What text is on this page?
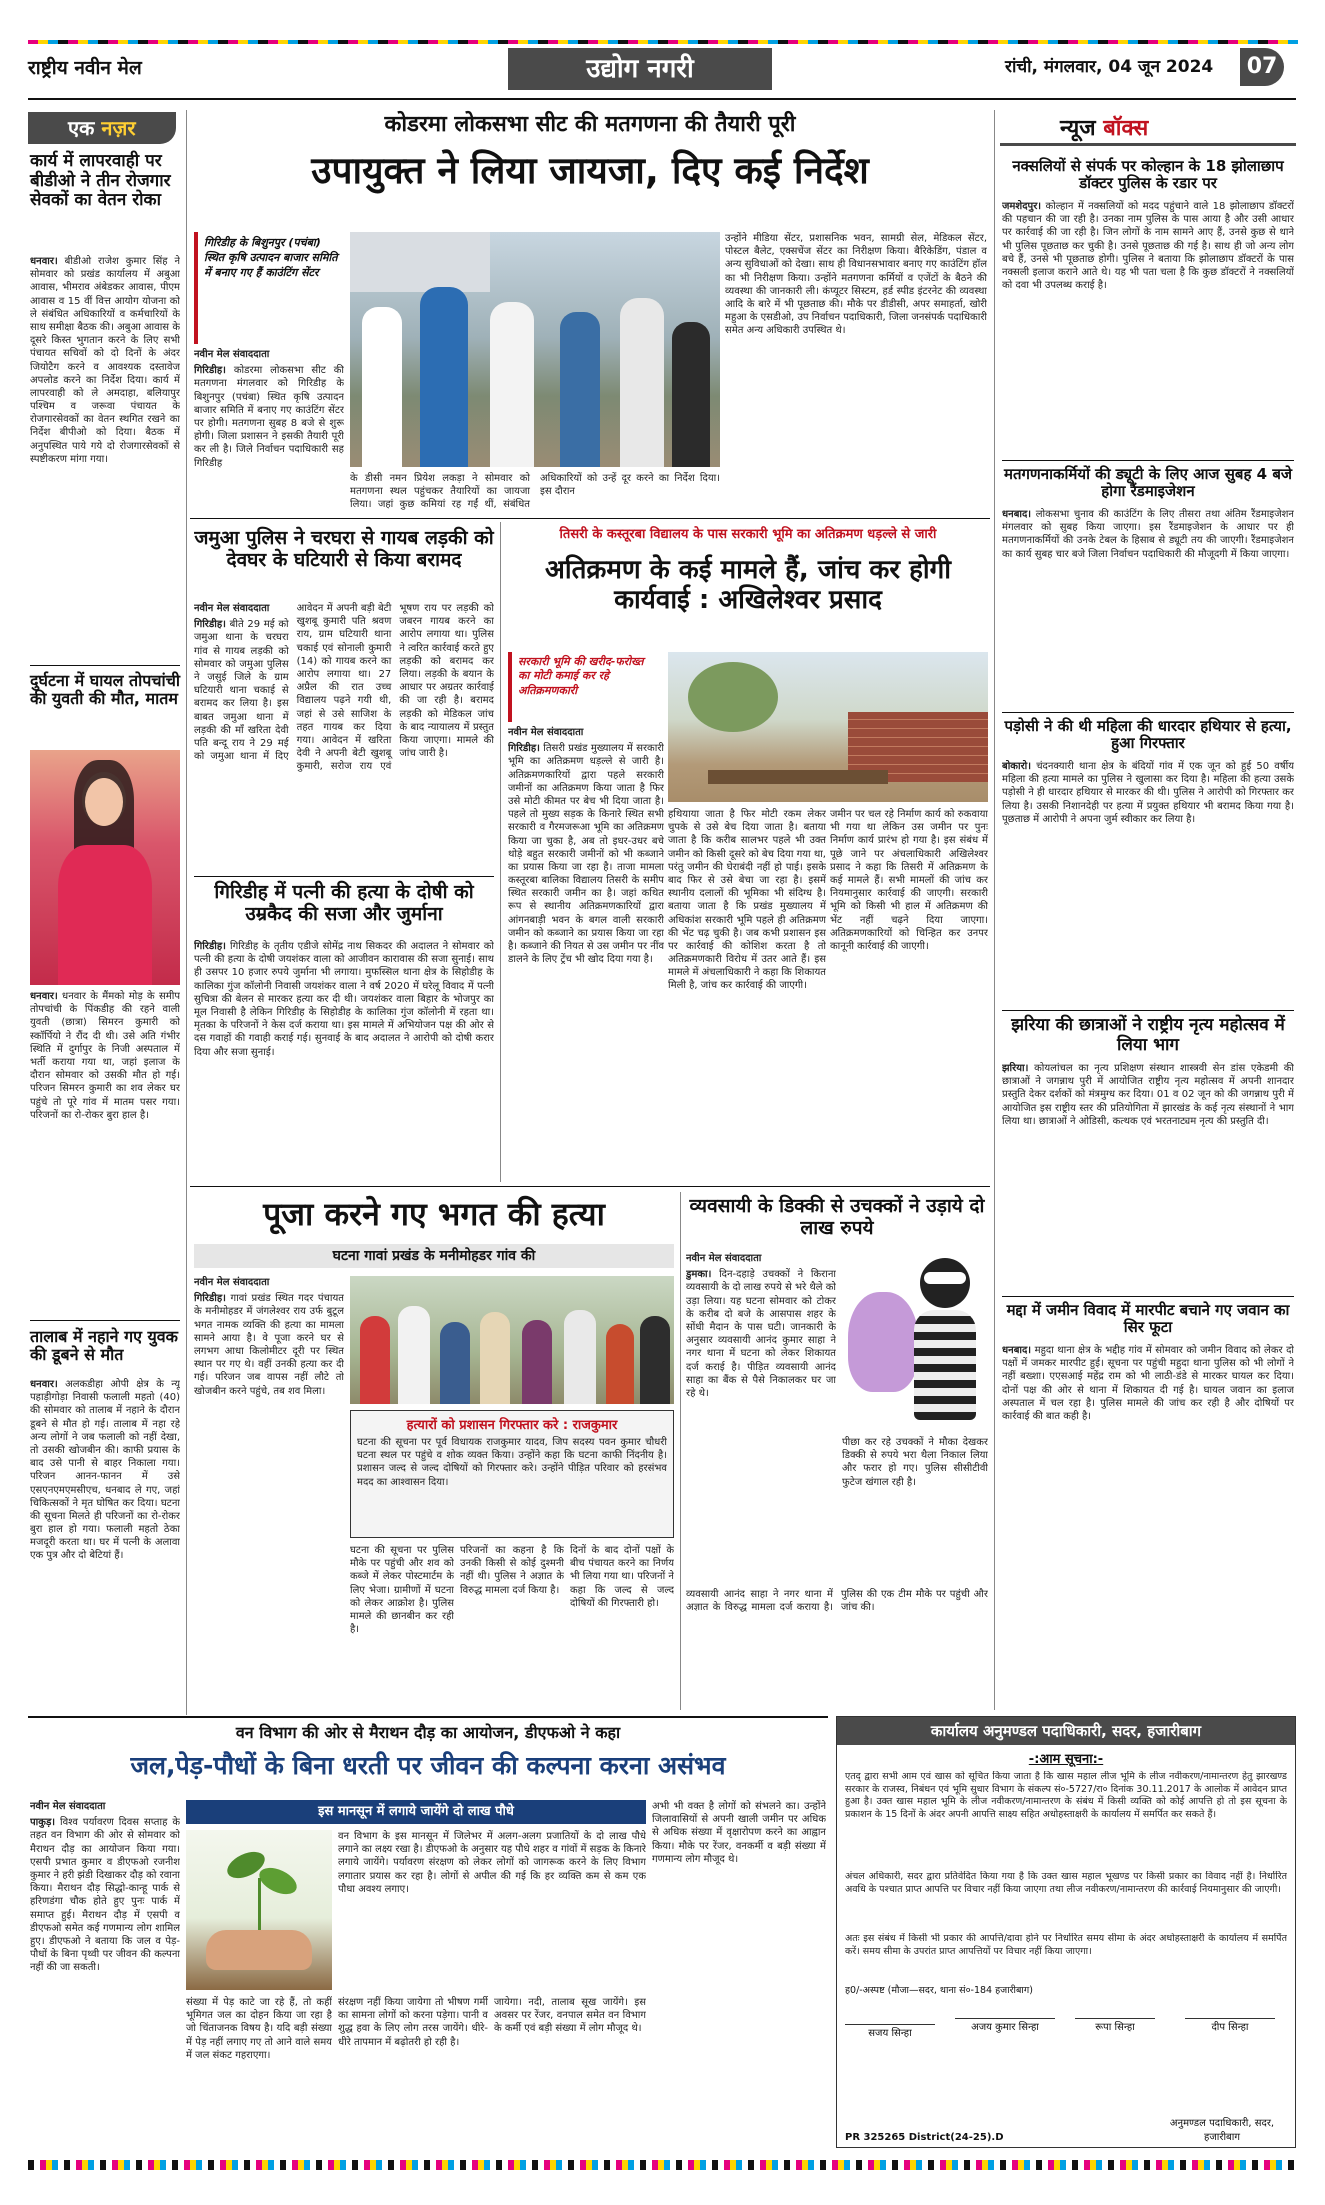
राष्ट्रीय नवीन मेल	उद्योग नगरी	रांची, मंगलवार, 04 जून 2024	07
एक नज़र
कार्य में लापरवाही पर बीडीओ ने तीन रोजगार सेवकों का वेतन रोका
धनवार। बीडीओ राजेश कुमार सिंह ने सोमवार को प्रखंड कार्यालय में अबुआ आवास, भीमराव अंबेडकर आवास, पीएम आवास व 15 वीं वित्त आयोग योजना को ले संबंधित अधिकारियों व कर्मचारियों के साथ समीक्षा बैठक की। अबुआ आवास के दूसरे किस्त भुगतान करने के लिए सभी पंचायत सचिवों को दो दिनों के अंदर जियोटैग करने व आवश्यक दस्तावेज अपलोड करने का निर्देश दिया। कार्य में लापरवाही को ले अमदाहा, बलियापुर पश्चिम व जरूवा पंचायत के रोजगारसेवकों का वेतन स्थगित रखने का निर्देश बीपीओ को दिया। बैठक में अनुपस्थित पाये गये दो रोजगारसेवकों से स्पष्टीकरण मांगा गया।
दुर्घटना में घायल तोपचांची की युवती की मौत, मातम
धनवार। धनवार के मैंमको मोड़ के समीप तोपचांची के पिंकडीह की रहने वाली युवती (छात्रा) सिमरन कुमारी को स्कॉर्पियो ने रौंद दी थी। उसे अति गंभीर स्थिति में दुर्गापुर के निजी अस्पताल में भर्ती कराया गया था, जहां इलाज के दौरान सोमवार को उसकी मौत हो गई। परिजन सिमरन कुमारी का शव लेकर घर पहुंचे तो पूरे गांव में मातम पसर गया। परिजनों का रो-रोकर बुरा हाल है।
तालाब में नहाने गए युवक की डूबने से मौत
धनवार। अलकडीहा ओपी क्षेत्र के न्यू पहाड़ीगोड़ा निवासी फलाली महतो (40) की सोमवार को तालाब में नहाने के दौरान डूबने से मौत हो गई। तालाब में नहा रहे अन्य लोगों ने जब फलाली को नहीं देखा, तो उसकी खोजबीन की। काफी प्रयास के बाद उसे पानी से बाहर निकाला गया। परिजन आनन-फानन में उसे एसएनएमएमसीएच, धनबाद ले गए, जहां चिकित्सकों ने मृत घोषित कर दिया। घटना की सूचना मिलते ही परिजनों का रो-रोकर बुरा हाल हो गया। फलाली महतो ठेका मजदूरी करता था। घर में पत्नी के अलावा एक पुत्र और दो बेटियां हैं।
कोडरमा लोकसभा सीट की मतगणना की तैयारी पूरी
उपायुक्त ने लिया जायजा, दिए कई निर्देश
गिरिडीह के बिशुनपुर (पचंबा) स्थित कृषि उत्पादन बाजार समिति में बनाए गए हैं काउंटिंग सेंटर
नवीन मेल संवाददाता
गिरिडीह। कोडरमा लोकसभा सीट की मतगणना मंगलवार को गिरिडीह के बिशुनपुर (पचंबा) स्थित कृषि उत्पादन बाजार समिति में बनाए गए काउंटिंग सेंटर पर होगी। मतगणना सुबह 8 बजे से शुरू होगी। जिला प्रशासन ने इसकी तैयारी पूरी कर ली है। जिले निर्वाचन पदाधिकारी सह गिरिडीह
के डीसी नमन प्रियेश लकड़ा ने सोमवार को मतगणना स्थल पहुंचकर तैयारियों का जायजा लिया। जहां कुछ कमियां रह गईं थीं, संबंधित अधिकारियों को उन्हें दूर करने का निर्देश दिया। इस दौरान
उन्होंने मीडिया सेंटर, प्रशासनिक भवन, सामग्री सेल, मेडिकल सेंटर, पोस्टल बैलेट, एक्सचेंज सेंटर का निरीक्षण किया। बैरिकेडिंग, पंडाल व अन्य सुविधाओं को देखा। साथ ही विधानसभावार बनाए गए काउंटिंग हॉल का भी निरीक्षण किया। उन्होंने मतगणना कर्मियों व एजेंटों के बैठने की व्यवस्था की जानकारी ली। कंप्यूटर सिस्टम, हर्ड स्पीड इंटरनेट की व्यवस्था आदि के बारे में भी पूछताछ की। मौके पर डीडीसी, अपर समाहर्ता, खोरी महुआ के एसडीओ, उप निर्वाचन पदाधिकारी, जिला जनसंपर्क पदाधिकारी समेत अन्य अधिकारी उपस्थित थे।
जमुआ पुलिस ने चरघरा से गायब लड़की को देवघर के घटियारी से किया बरामद
नवीन मेल संवाददाता
गिरिडीह। बीते 29 मई को जमुआ थाना के चरघरा गांव से गायब लड़की को सोमवार को जमुआ पुलिस ने जसुई जिले के ग्राम घटियारी थाना चकाई से बरामद कर लिया है। इस बाबत जमुआ थाना में लड़की की माँ खरिता देवी पति बन्दू राय ने 29 मई को जमुआ थाना में दिए आवेदन में अपनी बड़ी बेटी खुशबू कुमारी पति श्रवण राय, ग्राम घटियारी थाना चकाई एवं सोनाली कुमारी (14) को गायब करने का आरोप लगाया था। 27 अप्रैल की रात उच्च विद्यालय पढ़ने गयी थी, जहां से उसे साजिश के तहत गायब कर दिया गया। आवेदन में खरिता देवी ने अपनी बेटी खुशबू कुमारी, सरोज राय एवं भूषण राय पर लड़की को जबरन गायब करने का आरोप लगाया था। पुलिस ने त्वरित कार्रवाई करते हुए लड़की को बरामद कर लिया। लड़की के बयान के आधार पर अग्रतर कार्रवाई की जा रही है। बरामद लड़की को मेडिकल जांच के बाद न्यायालय में प्रस्तुत किया जाएगा। मामले की जांच जारी है।
गिरिडीह में पत्नी की हत्या के दोषी को उम्रकैद की सजा और जुर्माना
गिरिडीह। गिरिडीह के तृतीय एडीजे सोमेंद्र नाथ सिकदर की अदालत ने सोमवार को पत्नी की हत्या के दोषी जयशंकर वाला को आजीवन कारावास की सजा सुनाई। साथ ही उसपर 10 हजार रुपये जुर्माना भी लगाया। मुफस्सिल थाना क्षेत्र के सिहोडीह के कालिका गुंज कॉलोनी निवासी जयशंकर वाला ने वर्ष 2020 में घरेलू विवाद में पत्नी सुचित्रा की बेलन से मारकर हत्या कर दी थी। जयशंकर वाला बिहार के भोजपुर का मूल निवासी है लेकिन गिरिडीह के सिहोडीह के कालिका गुंज कॉलोनी में रहता था। मृतका के परिजनों ने केस दर्ज कराया था। इस मामले में अभियोजन पक्ष की ओर से दस गवाहों की गवाही कराई गई। सुनवाई के बाद अदालत ने आरोपी को दोषी करार दिया और सजा सुनाई।
तिसरी के कस्तूरबा विद्यालय के पास सरकारी भूमि का अतिक्रमण धड़ल्ले से जारी
अतिक्रमण के कई मामले हैं, जांच कर होगी कार्यवाई : अखिलेश्वर प्रसाद
सरकारी भूमि की खरीद-फरोख्त का मोटी कमाई कर रहे अतिक्रमणकारी
नवीन मेल संवाददाता
गिरिडीह। तिसरी प्रखंड मुख्यालय में सरकारी भूमि का अतिक्रमण धड़ल्ले से जारी है। अतिक्रमणकारियों द्वारा पहले सरकारी जमीनों का अतिक्रमण किया जाता है फिर उसे मोटी कीमत पर बेच भी दिया जाता है। पहले तो मुख्य सड़क के किनारे स्थित सभी सरकारी व गैरमजरूआ भूमि का अतिक्रमण किया जा चुका है, अब तो इधर-उधर बचे थोड़े बहुत सरकारी जमीनों को भी कब्जाने का प्रयास किया जा रहा है। ताजा मामला कस्तूरबा बालिका विद्यालय तिसरी के समीप स्थित सरकारी जमीन का है। जहां कथित रूप से स्थानीय अतिक्रमणकारियों द्वारा आंगनबाड़ी भवन के बगल वाली सरकारी जमीन को कब्जाने का प्रयास किया जा रहा है। कब्जाने की नियत से उस जमीन पर नींव डालने के लिए ट्रेंच भी खोद दिया गया है।
हथियाया जाता है फिर मोटी रकम लेकर चुपके से उसे बेच दिया जाता है। बताया जाता है कि करीब सालभर पहले भी उक्त जमीन को किसी दूसरे को बेच दिया गया था, परंतु जमीन की घेराबंदी नहीं हो पाई। इसके बाद फिर से उसे बेचा जा रहा है। इसमें स्थानीय दलालों की भूमिका भी संदिग्ध है। बताया जाता है कि प्रखंड मुख्यालय में अधिकांश सरकारी भूमि पहले ही अतिक्रमण की भेंट चढ़ चुकी है। जब कभी प्रशासन इस पर कार्रवाई की कोशिश करता है तो अतिक्रमणकारी विरोध में उतर आते हैं। इस मामले में अंचलाधिकारी ने कहा कि शिकायत मिली है, जांच कर कार्रवाई की जाएगी।
जमीन पर चल रहे निर्माण कार्य को रुकवाया भी गया था लेकिन उस जमीन पर पुनः निर्माण कार्य प्रारंभ हो गया है। इस संबंध में पूछे जाने पर अंचलाधिकारी अखिलेश्वर प्रसाद ने कहा कि तिसरी में अतिक्रमण के कई मामले हैं। सभी मामलों की जांच कर नियमानुसार कार्रवाई की जाएगी। सरकारी भूमि को किसी भी हाल में अतिक्रमण की भेंट नहीं चढ़ने दिया जाएगा। अतिक्रमणकारियों को चिन्हित कर उनपर कानूनी कार्रवाई की जाएगी।
पूजा करने गए भगत की हत्या
घटना गावां प्रखंड के मनीमोहडर गांव की
नवीन मेल संवाददाता
गिरिडीह। गावां प्रखंड स्थित गदर पंचायत के मनीमोहडर में जंगलेश्वर राय उर्फ बुटूल भगत नामक व्यक्ति की हत्या का मामला सामने आया है। वे पूजा करने घर से लगभग आधा किलोमीटर दूरी पर स्थित स्थान पर गए थे। वहीं उनकी हत्या कर दी गई। परिजन जब वापस नहीं लौटे तो खोजबीन करने पहुंचे, तब शव मिला।
हत्यारों को प्रशासन गिरफ्तार करे : राजकुमार
घटना की सूचना पर पूर्व विधायक राजकुमार यादव, जिप सदस्य पवन कुमार चौधरी घटना स्थल पर पहुंचे व शोक व्यक्त किया। उन्होंने कहा कि घटना काफी निंदनीय है। प्रशासन जल्द से जल्द दोषियों को गिरफ्तार करे। उन्होंने पीड़ित परिवार को हरसंभव मदद का आश्वासन दिया।
घटना की सूचना पर पुलिस मौके पर पहुंची और शव को कब्जे में लेकर पोस्टमार्टम के लिए भेजा। ग्रामीणों में घटना को लेकर आक्रोश है। पुलिस मामले की छानबीन कर रही है।
परिजनों का कहना है कि उनकी किसी से कोई दुश्मनी नहीं थी। पुलिस ने अज्ञात के विरुद्ध मामला दर्ज किया है।
दिनों के बाद दोनों पक्षों के बीच पंचायत करने का निर्णय भी लिया गया था। परिजनों ने कहा कि जल्द से जल्द दोषियों की गिरफ्तारी हो।
व्यवसायी के डिक्की से उचक्कों ने उड़ाये दो लाख रुपये
नवीन मेल संवाददाता
डुमका। दिन-दहाड़े उचक्कों ने किराना व्यवसायी के दो लाख रुपये से भरे थैले को उड़ा लिया। यह घटना सोमवार को टोकर के करीब दो बजे के आसपास शहर के सोंधी मैदान के पास घटी। जानकारी के अनुसार व्यवसायी आनंद कुमार साहा ने नगर थाना में घटना को लेकर शिकायत दर्ज कराई है। पीड़ित व्यवसायी आनंद साहा का बैंक से पैसे निकालकर घर जा रहे थे।
पीछा कर रहे उचक्कों ने मौका देखकर डिक्की से रुपये भरा थैला निकाल लिया और फरार हो गए। पुलिस सीसीटीवी फुटेज खंगाल रही है।
व्यवसायी आनंद साहा ने नगर थाना में अज्ञात के विरुद्ध मामला दर्ज कराया है। पुलिस की एक टीम मौके पर पहुंची और जांच की।
न्यूज बॉक्स
नक्सलियों से संपर्क पर कोल्हान के 18 झोलाछाप डॉक्टर पुलिस के रडार पर
जमशेदपुर। कोल्हान में नक्सलियों को मदद पहुंचाने वाले 18 झोलाछाप डॉक्टरों की पहचान की जा रही है। उनका नाम पुलिस के पास आया है और उसी आधार पर कार्रवाई की जा रही है। जिन लोगों के नाम सामने आए हैं, उनसे कुछ से थाने भी पुलिस पूछताछ कर चुकी है। उनसे पूछताछ की गई है। साथ ही जो अन्य लोग बचे हैं, उनसे भी पूछताछ होगी। पुलिस ने बताया कि झोलाछाप डॉक्टरों के पास नक्सली इलाज कराने आते थे। यह भी पता चला है कि कुछ डॉक्टरों ने नक्सलियों को दवा भी उपलब्ध कराई है।
मतगणनाकर्मियों की ड्यूटी के लिए आज सुबह 4 बजे होगा रैंडमाइजेशन
धनबाद। लोकसभा चुनाव की काउंटिंग के लिए तीसरा तथा अंतिम रैंडमाइजेशन मंगलवार को सुबह किया जाएगा। इस रैंडमाइजेशन के आधार पर ही मतगणनाकर्मियों की उनके टेबल के हिसाब से ड्यूटी तय की जाएगी। रैंडमाइजेशन का कार्य सुबह चार बजे जिला निर्वाचन पदाधिकारी की मौजूदगी में किया जाएगा।
पड़ोसी ने की थी महिला की धारदार हथियार से हत्या, हुआ गिरफ्तार
बोकारो। चंदनक्यारी थाना क्षेत्र के बंदियों गांव में एक जून को हुई 50 वर्षीय महिला की हत्या मामले का पुलिस ने खुलासा कर दिया है। महिला की हत्या उसके पड़ोसी ने ही धारदार हथियार से मारकर की थी। पुलिस ने आरोपी को गिरफ्तार कर लिया है। उसकी निशानदेही पर हत्या में प्रयुक्त हथियार भी बरामद किया गया है। पूछताछ में आरोपी ने अपना जुर्म स्वीकार कर लिया है।
झरिया की छात्राओं ने राष्ट्रीय नृत्य महोत्सव में लिया भाग
झरिया। कोयलांचल का नृत्य प्रशिक्षण संस्थान शास्त्रवी सेन डांस एकेडमी की छात्राओं ने जगन्नाथ पुरी में आयोजित राष्ट्रीय नृत्य महोत्सव में अपनी शानदार प्रस्तुति देकर दर्शकों को मंत्रमुग्ध कर दिया। 01 व 02 जून को की जगन्नाथ पुरी में आयोजित इस राष्ट्रीय स्तर की प्रतियोगिता में झारखंड के कई नृत्य संस्थानों ने भाग लिया था। छात्राओं ने ओडिसी, कत्थक एवं भरतनाट्यम नृत्य की प्रस्तुति दी।
मद्दा में जमीन विवाद में मारपीट बचाने गए जवान का सिर फूटा
धनबाद। महुदा थाना क्षेत्र के भद्दीह गांव में सोमवार को जमीन विवाद को लेकर दो पक्षों में जमकर मारपीट हुई। सूचना पर पहुंची महुदा थाना पुलिस को भी लोगों ने नहीं बख्शा। एएसआई महेंद्र राम को भी लाठी-डंडे से मारकर घायल कर दिया। दोनों पक्ष की ओर से थाना में शिकायत दी गई है। घायल जवान का इलाज अस्पताल में चल रहा है। पुलिस मामले की जांच कर रही है और दोषियों पर कार्रवाई की बात कही है।
वन विभाग की ओर से मैराथन दौड़ का आयोजन, डीएफओ ने कहा
जल,पेड़-पौधों के बिना धरती पर जीवन की कल्पना करना असंभव
नवीन मेल संवाददाता
पाकुड़। विश्व पर्यावरण दिवस सप्ताह के तहत वन विभाग की ओर से सोमवार को मैराथन दौड़ का आयोजन किया गया। एसपी प्रभात कुमार व डीएफओ रजनीश कुमार ने हरी झंडी दिखाकर दौड़ को रवाना किया। मैराथन दौड़ सिद्धो-कान्हू पार्क से हरिणडंगा चौक होते हुए पुनः पार्क में समाप्त हुई। मैराथन दौड़ में एसपी व डीएफओ समेत कई गणमान्य लोग शामिल हुए। डीएफओ ने बताया कि जल व पेड़-पौधों के बिना पृथ्वी पर जीवन की कल्पना नहीं की जा सकती।
इस मानसून में लगाये जायेंगे दो लाख पौधे
वन विभाग के इस मानसून में जिलेभर में अलग-अलग प्रजातियों के दो लाख पौधे लगाने का लक्ष्य रखा है। डीएफओ के अनुसार यह पौधे शहर व गांवों में सड़क के किनारे लगाये जायेंगे। पर्यावरण संरक्षण को लेकर लोगों को जागरूक करने के लिए विभाग लगातार प्रयास कर रहा है। लोगों से अपील की गई कि हर व्यक्ति कम से कम एक पौधा अवश्य लगाए।
संख्या में पेड़ काटे जा रहे हैं, तो कहीं भूमिगत जल का दोहन किया जा रहा है जो चिंताजनक विषय है। यदि बड़ी संख्या में पेड़ नहीं लगाए गए तो आने वाले समय में जल संकट गहराएगा।
संरक्षण नहीं किया जायेगा तो भीषण गर्मी का सामना लोगों को करना पड़ेगा। पानी व शुद्ध हवा के लिए लोग तरस जायेंगे। धीरे-धीरे तापमान में बढ़ोतरी हो रही है।
जायेगा। नदी, तालाब सूख जायेंगे। इस अवसर पर रेंजर, वनपाल समेत वन विभाग के कर्मी एवं बड़ी संख्या में लोग मौजूद थे।
अभी भी वक्त है लोगों को संभलने का। उन्होंने जिलावासियों से अपनी खाली जमीन पर अधिक से अधिक संख्या में वृक्षारोपण करने का आह्वान किया। मौके पर रेंजर, वनकर्मी व बड़ी संख्या में गणमान्य लोग मौजूद थे।
कार्यालय अनुमण्डल पदाधिकारी, सदर, हजारीबाग
-:आम सूचना:-
एतद् द्वारा सभी आम एवं खास को सूचित किया जाता है कि खास महाल लीज भूमि के लीज नवीकरण/नामान्तरण हेतु झारखण्ड सरकार के राजस्व, निबंधन एवं भूमि सुधार विभाग के संकल्प सं०-5727/रा० दिनांक 30.11.2017 के आलोक में आवेदन प्राप्त हुआ है। उक्त खास महाल भूमि के लीज नवीकरण/नामान्तरण के संबंध में किसी व्यक्ति को कोई आपत्ति हो तो इस सूचना के प्रकाशन के 15 दिनों के अंदर अपनी आपत्ति साक्ष्य सहित अधोहस्ताक्षरी के कार्यालय में समर्पित कर सकते हैं।
अंचल अधिकारी, सदर द्वारा प्रतिवेदित किया गया है कि उक्त खास महाल भूखण्ड पर किसी प्रकार का विवाद नहीं है। निर्धारित अवधि के पश्चात प्राप्त आपत्ति पर विचार नहीं किया जाएगा तथा लीज नवीकरण/नामान्तरण की कार्रवाई नियमानुसार की जाएगी।
अतः इस संबंध में किसी भी प्रकार की आपत्ति/दावा होने पर निर्धारित समय सीमा के अंदर अधोहस्ताक्षरी के कार्यालय में समर्पित करें। समय सीमा के उपरांत प्राप्त आपत्तियों पर विचार नहीं किया जाएगा।
ह0/-अस्पष्ट (मौजा—सदर, थाना सं०-184 हजारीबाग)
सजय सिन्हा
अजय कुमार सिन्हा	रूपा सिन्हा	दीप सिन्हा
PR 325265 District(24-25).D
अनुमण्डल पदाधिकारी, सदर, हजारीबाग
